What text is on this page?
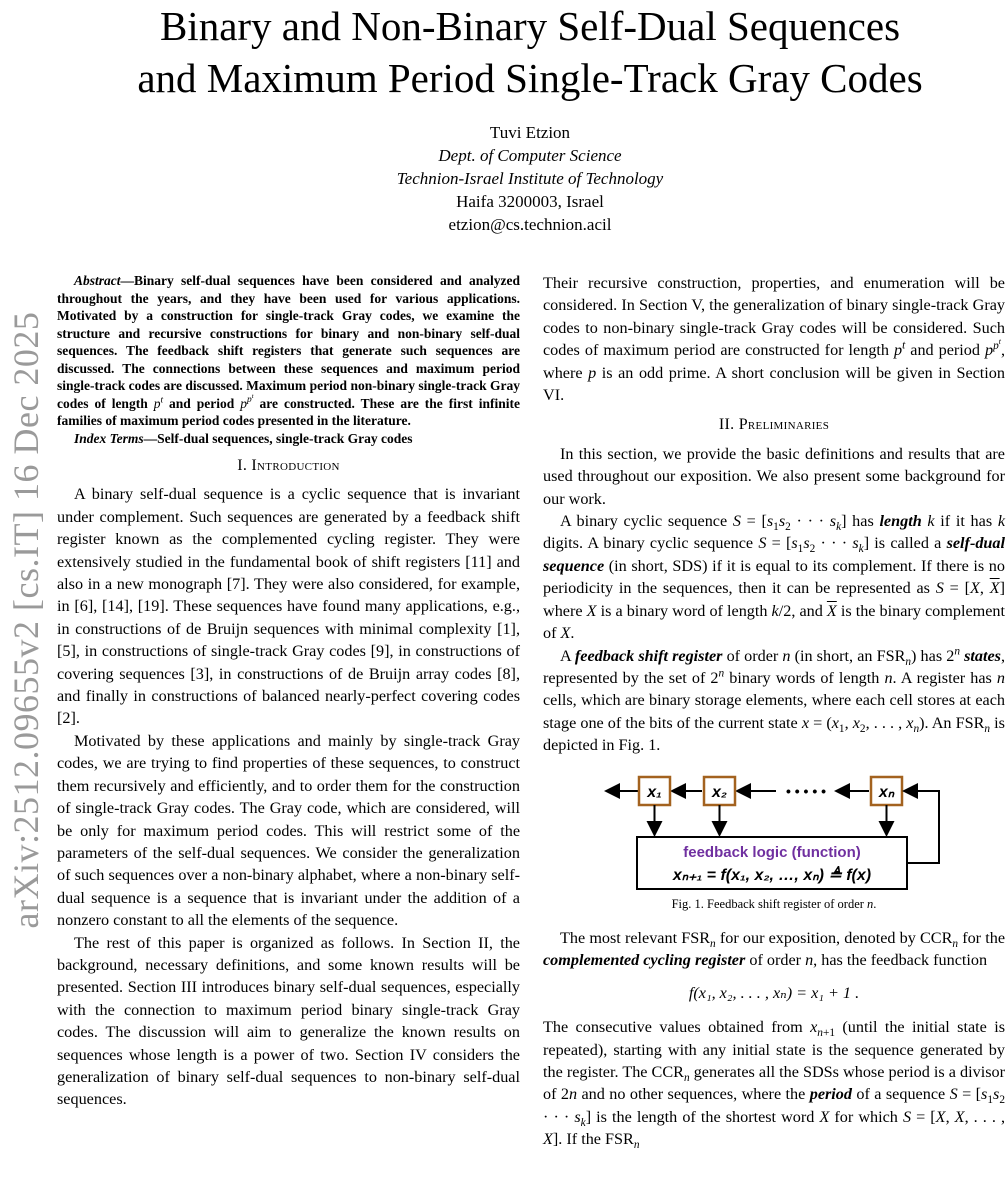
arXiv:2512.09655v2 [cs.IT] 16 Dec 2025
Binary and Non-Binary Self-Dual Sequences
and Maximum Period Single-Track Gray Codes
Tuvi Etzion
Dept. of Computer Science
Technion-Israel Institute of Technology
Haifa 3200003, Israel
etzion@cs.technion.acil

Abstract—Binary self-dual sequences have been considered and analyzed throughout the years, and they have been used for various applications. Motivated by a construction for single-track Gray codes, we examine the structure and recursive constructions for binary and non-binary self-dual sequences. The feedback shift registers that generate such sequences are discussed. The connections between these sequences and maximum period single-track codes are discussed. Maximum period non-binary single-track Gray codes of length $p^t$ and period $p^{p^t}$ are constructed. These are the first infinite families of maximum period codes presented in the literature.

Index Terms—Self-dual sequences, single-track Gray codes

I. Introduction

A binary self-dual sequence is a cyclic sequence that is invariant under complement. Such sequences are generated by a feedback shift register known as the complemented cycling register. They were extensively studied in the fundamental book of shift registers [11] and also in a new monograph [7]. They were also considered, for example, in [6], [14], [19]. These sequences have found many applications, e.g., in constructions of de Bruijn sequences with minimal complexity [1], [5], in constructions of single-track Gray codes [9], in constructions of covering sequences [3], in constructions of de Bruijn array codes [8], and finally in constructions of balanced nearly-perfect covering codes [2].

Motivated by these applications and mainly by single-track Gray codes, we are trying to find properties of these sequences, to construct them recursively and efficiently, and to order them for the construction of single-track Gray codes. The Gray code, which are considered, will be only for maximum period codes. This will restrict some of the parameters of the self-dual sequences. We consider the generalization of such sequences over a non-binary alphabet, where a non-binary self-dual sequence is a sequence that is invariant under the addition of a nonzero constant to all the elements of the sequence.

The rest of this paper is organized as follows. In Section II, the background, necessary definitions, and some known results will be presented. Section III introduces binary self-dual sequences, especially with the connection to maximum period binary single-track Gray codes. The discussion will aim to generalize the known results on sequences whose length is a power of two. Section IV considers the generalization of binary self-dual sequences to non-binary self-dual sequences.

Their recursive construction, properties, and enumeration will be considered. In Section V, the generalization of binary single-track Gray codes to non-binary single-track Gray codes will be considered. Such codes of maximum period are constructed for length $p^t$ and period $p^{p^t}$, where p is an odd prime. A short conclusion will be given in Section VI.

II. Preliminaries

In this section, we provide the basic definitions and results that are used throughout our exposition. We also present some background for our work.

A binary cyclic sequence $S = [s_1s_2$ · · · $s_k$] has length k if it has k digits. A binary cyclic sequence $S = [s_1s_2$ · · · $s_k$] is called a self-dual sequence (in short, SDS) if it is equal to its complement. If there is no periodicity in the sequences, then it can be represented as S = [X, $\overline{X}$] where X is a binary word of length k/2, and $\overline{X}$ is the binary complement of X.

A feedback shift register of order n (in short, an $FSR_n$) has 2$^n$ states, represented by the set of 2$^n$ binary words of length n. A register has n cells, which are binary storage elements, where each cell stores at each stage one of the bits of the current state $x = (x_1$, $x_2$, . . . , $x_n$). An $FSR_n$ is depicted in Fig. 1.

x₁	x₂	xₙ
• • • • •
feedback logic (function)
xₙ₊₁ = f(x₁, x₂, …, xₙ) ≜ f(x)
Fig. 1. Feedback shift register of order n.

The most relevant $FSR_n$ for our exposition, denoted by $CCR_n$ for the complemented cycling register of order n, has the feedback function

f(x₁, x₂, . . . , xₙ) = x₁ + 1 .

The consecutive values obtained from $x_{n+1}$ (until the initial state is repeated), starting with any initial state is the sequence generated by the register. The $CCR_n$ generates all the SDSs whose period is a divisor of 2n and no other sequences, where the period of a sequence $S = [s_1s_2$ · · · $s_k$] is the length of the shortest word X for which S = [X, X, . . . , X]. If the $FSR_n$
